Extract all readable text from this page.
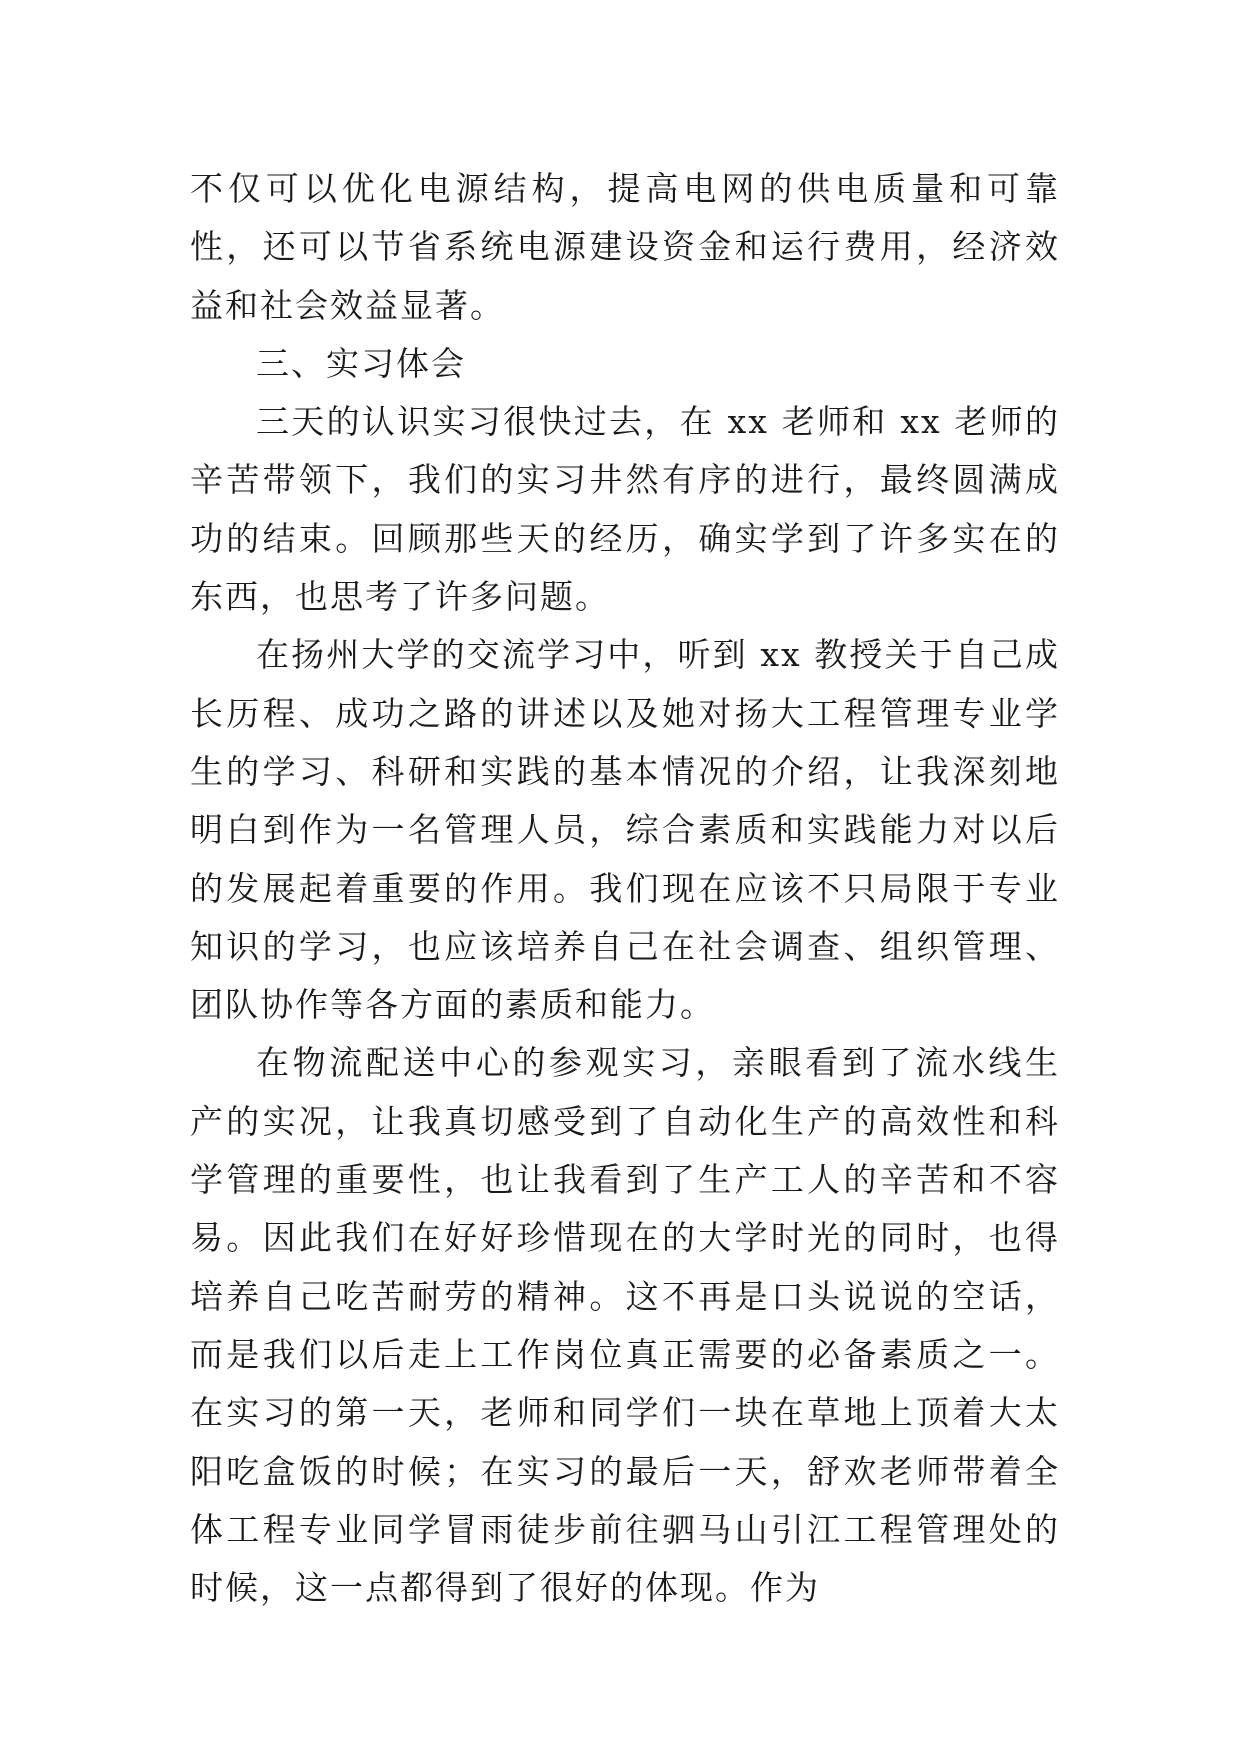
不仅可以优化电源结构，提高电网的供电质量和可靠性，还可以节省系统电源建设资金和运行费用，经济效益和社会效益显著。

三、实习体会

三天的认识实习很快过去，在 xx 老师和 xx 老师的辛苦带领下，我们的实习井然有序的进行，最终圆满成功的结束。回顾那些天的经历，确实学到了许多实在的东西，也思考了许多问题。

在扬州大学的交流学习中，听到 xx 教授关于自己成长历程、成功之路的讲述以及她对扬大工程管理专业学生的学习、科研和实践的基本情况的介绍，让我深刻地明白到作为一名管理人员，综合素质和实践能力对以后的发展起着重要的作用。我们现在应该不只局限于专业知识的学习，也应该培养自己在社会调查、组织管理、团队协作等各方面的素质和能力。

在物流配送中心的参观实习，亲眼看到了流水线生产的实况，让我真切感受到了自动化生产的高效性和科学管理的重要性，也让我看到了生产工人的辛苦和不容易。因此我们在好好珍惜现在的大学时光的同时，也得培养自己吃苦耐劳的精神。这不再是口头说说的空话，而是我们以后走上工作岗位真正需要的必备素质之一。在实习的第一天，老师和同学们一块在草地上顶着大太阳吃盒饭的时候；在实习的最后一天，舒欢老师带着全体工程专业同学冒雨徒步前往驷马山引江工程管理处的时候，这一点都得到了很好的体现。作为
